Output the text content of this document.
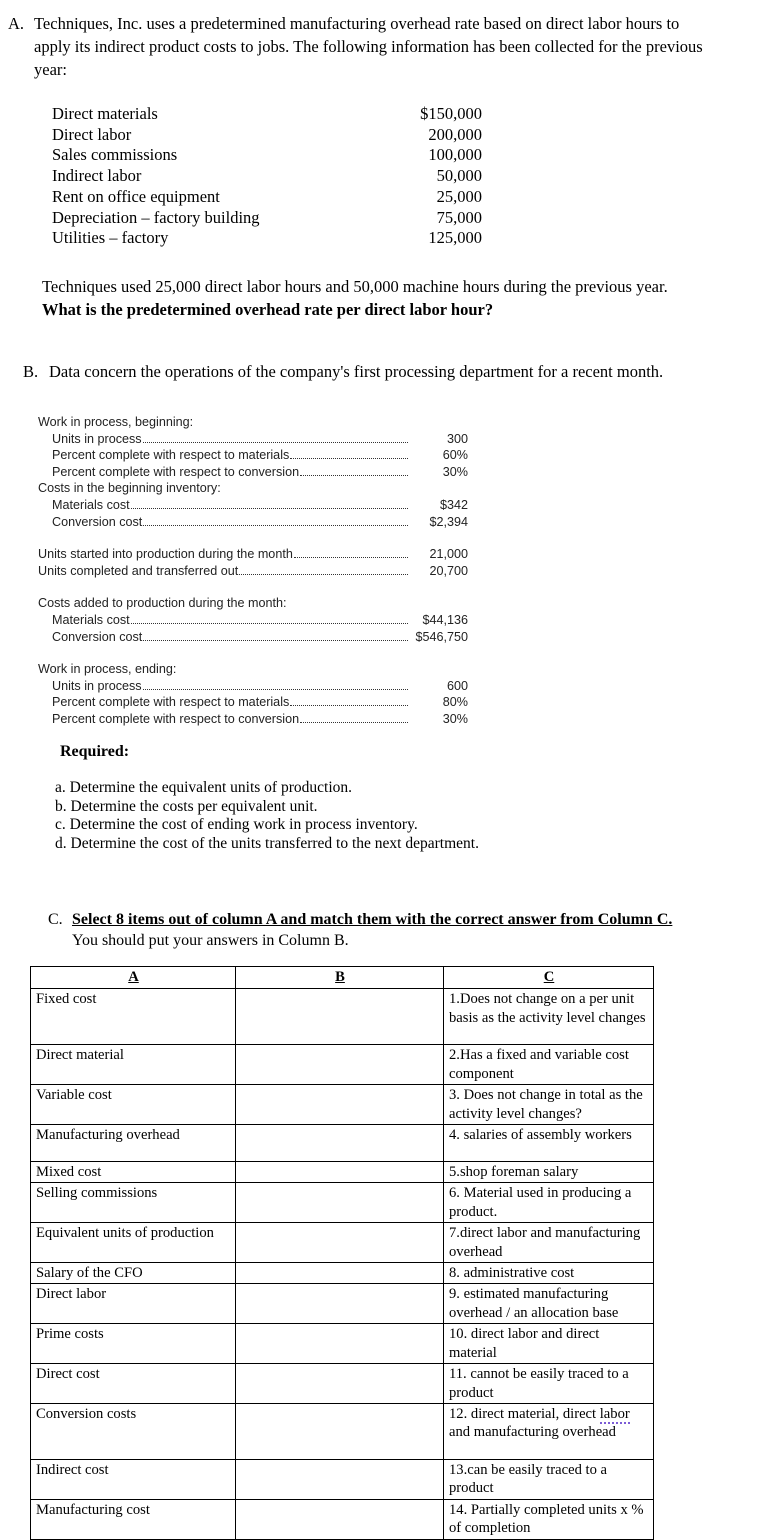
A. Techniques, Inc. uses a predetermined manufacturing overhead rate based on direct labor hours to apply its indirect product costs to jobs. The following information has been collected for the previous year:
Direct materials	$150,000
Direct labor	200,000
Sales commissions	100,000
Indirect labor	50,000
Rent on office equipment	25,000
Depreciation – factory building	75,000
Utilities – factory	125,000
Techniques used 25,000 direct labor hours and 50,000 machine hours during the previous year. What is the predetermined overhead rate per direct labor hour?
B. Data concern the operations of the company's first processing department for a recent month.
Work in process, beginning:
Units in process	300
Percent complete with respect to materials	60%
Percent complete with respect to conversion	30%
Costs in the beginning inventory:
Materials cost	$342
Conversion cost	$2,394
Units started into production during the month	21,000
Units completed and transferred out	20,700
Costs added to production during the month:
Materials cost	$44,136
Conversion cost	$546,750
Work in process, ending:
Units in process	600
Percent complete with respect to materials	80%
Percent complete with respect to conversion	30%
Required:
a. Determine the equivalent units of production.
b. Determine the costs per equivalent unit.
c. Determine the cost of ending work in process inventory.
d. Determine the cost of the units transferred to the next department.
C. Select 8 items out of column A and match them with the correct answer from Column C. You should put your answers in Column B.
A	B	C
Fixed cost		1.Does not change on a per unit basis as the activity level changes
Direct material		2.Has a fixed and variable cost component
Variable cost		3. Does not change in total as the activity level changes?
Manufacturing overhead		4. salaries of assembly workers
Mixed cost		5.shop foreman salary
Selling commissions		6. Material used in producing a product.
Equivalent units of production		7.direct labor and manufacturing overhead
Salary of the CFO		8. administrative cost
Direct labor		9. estimated manufacturing overhead / an allocation base
Prime costs		10. direct labor and direct material
Direct cost		11. cannot be easily traced to a product
Conversion costs		12. direct material, direct labor and manufacturing overhead
Indirect cost		13.can be easily traced to a product
Manufacturing cost		14. Partially completed units x % of completion
